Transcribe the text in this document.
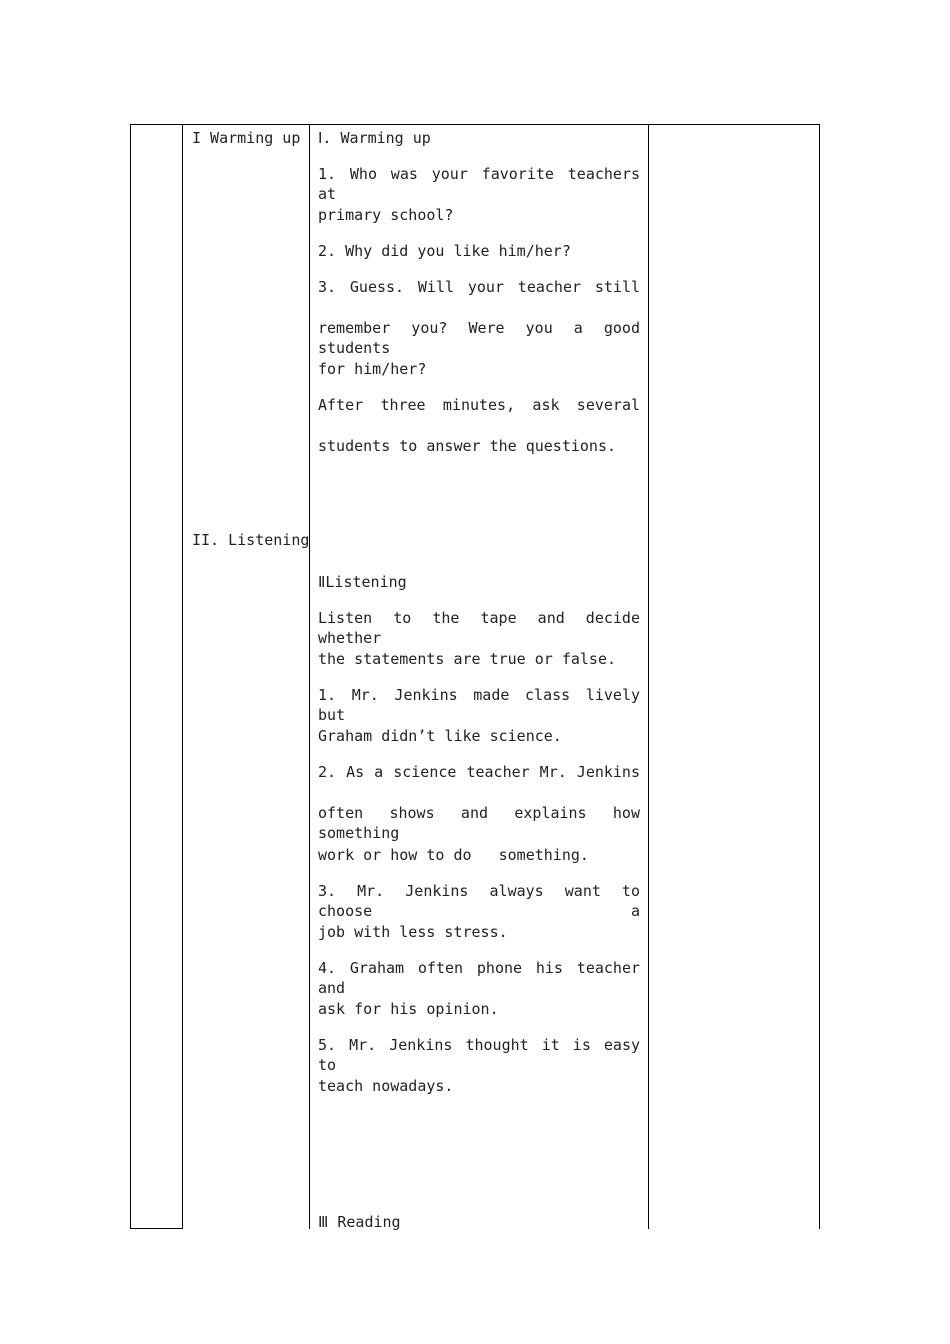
I Warming up
II. Listening
Ⅰ. Warming up
1. Who was your favorite teachers at
primary school?
2. Why did you like him/her?
3. Guess. Will your teacher still
remember you? Were you a good students
for him/her?
After three minutes, ask several
students to answer the questions.
ⅡListening
Listen to the tape and decide whether
the statements are true or false.
1. Mr. Jenkins made class lively but
Graham didn’t like science.
2. As a science teacher Mr. Jenkins
often shows and explains how something
work or how to do   something.
3. Mr. Jenkins always want to choose a
job with less stress.
4. Graham often phone his teacher and
ask for his opinion.
5. Mr. Jenkins thought it is easy to
teach nowadays.
Ⅲ Reading
